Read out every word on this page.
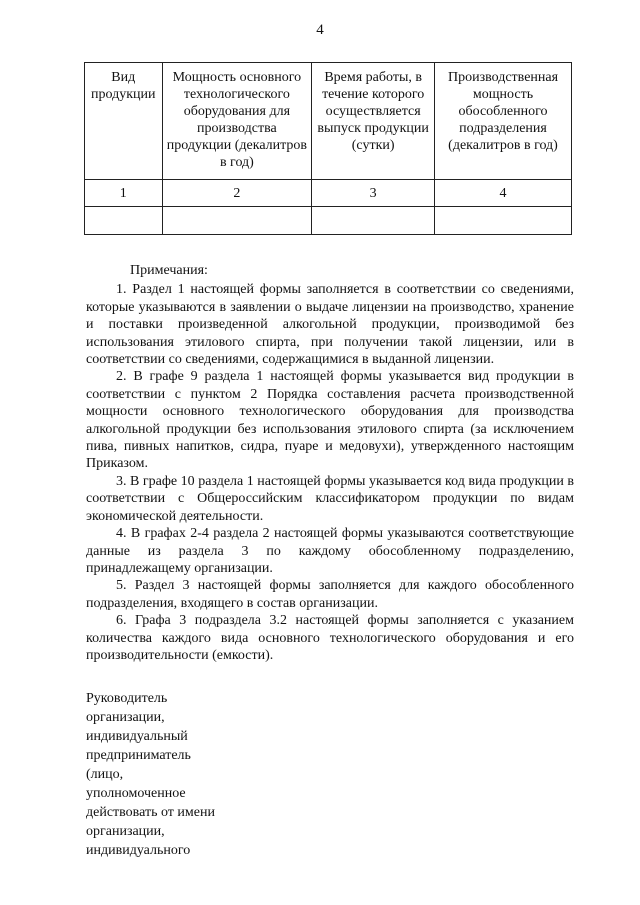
4
Вид продукции	Мощность основного технологического оборудования для производства продукции (декалитров в год)	Время работы, в течение которого осуществляется выпуск продукции (сутки)	Производственная мощность обособленного подразделения (декалитров в год)
1	2	3	4

Примечания:

1. Раздел 1 настоящей формы заполняется в соответствии со сведениями, которые указываются в заявлении о выдаче лицензии на производство, хранение и поставки произведенной алкогольной продукции, производимой без использования этилового спирта, при получении такой лицензии, или в соответствии со сведениями, содержащимися в выданной лицензии.

2. В графе 9 раздела 1 настоящей формы указывается вид продукции в соответствии с пунктом 2 Порядка составления расчета производственной мощности основного технологического оборудования для производства алкогольной продукции без использования этилового спирта (за исключением пива, пивных напитков, сидра, пуаре и медовухи), утвержденного настоящим Приказом.

3. В графе 10 раздела 1 настоящей формы указывается код вида продукции в соответствии с Общероссийским классификатором продукции по видам экономической деятельности.

4. В графах 2-4 раздела 2 настоящей формы указываются соответствующие данные из раздела 3 по каждому обособленному подразделению, принадлежащему организации.

5. Раздел 3 настоящей формы заполняется для каждого обособленного подразделения, входящего в состав организации.

6. Графа 3 подраздела 3.2 настоящей формы заполняется с указанием количества каждого вида основного технологического оборудования и его производительности (емкости).

Руководитель
организации,
индивидуальный
предприниматель
(лицо,
уполномоченное
действовать от имени
организации,
индивидуального
